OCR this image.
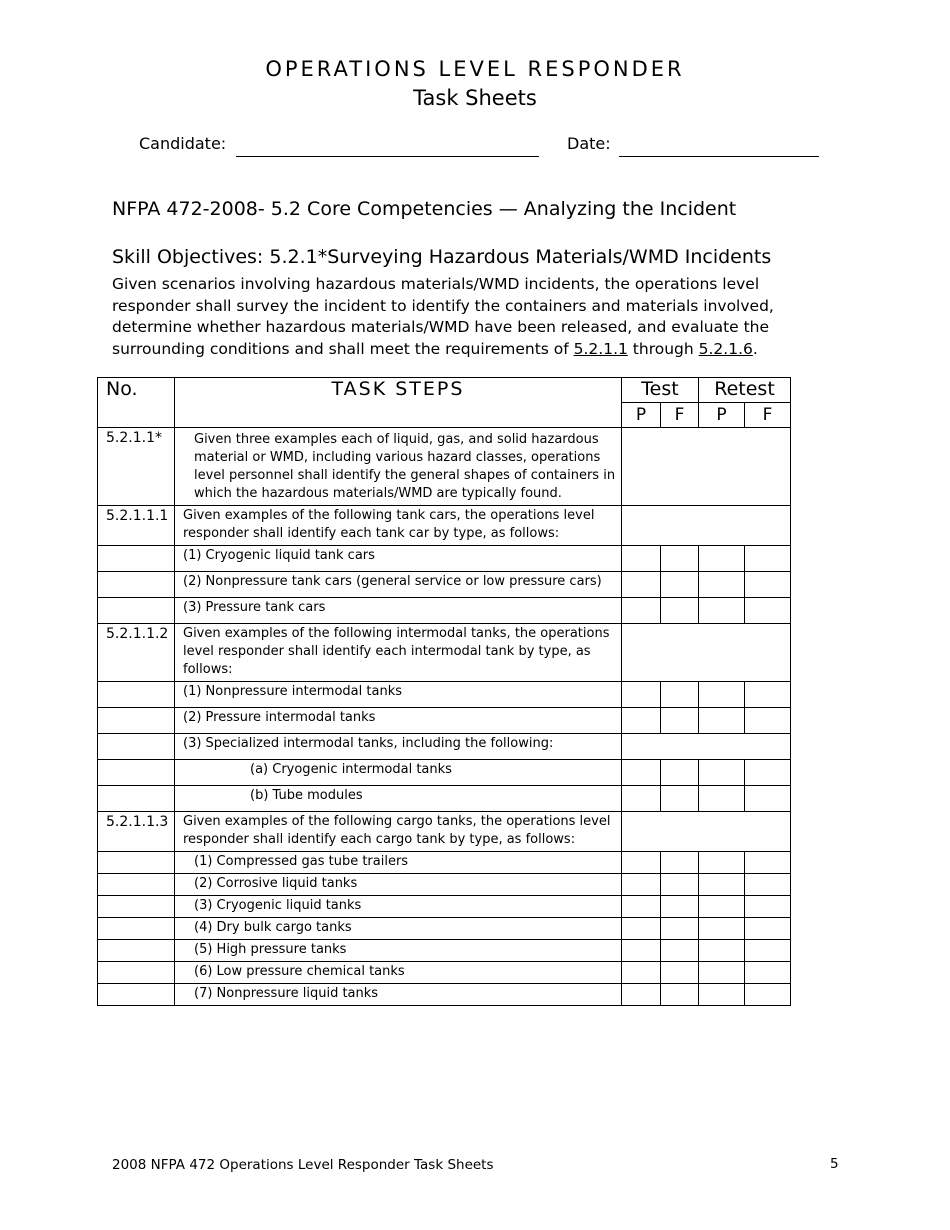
OPERATIONS LEVEL RESPONDER
Task Sheets
Candidate:	Date:
NFPA 472-2008- 5.2 Core Competencies — Analyzing the Incident
Skill Objectives: 5.2.1*Surveying Hazardous Materials/WMD Incidents
Given scenarios involving hazardous materials/WMD incidents, the operations level responder shall survey the incident to identify the containers and materials involved, determine whether hazardous materials/WMD have been released, and evaluate the surrounding conditions and shall meet the requirements of 5.2.1.1 through 5.2.1.6.
No.	TASK STEPS	Test		Retest	
		P	F	P	F
5.2.1.1*	Given three examples each of liquid, gas, and solid hazardous material or WMD, including various hazard classes, operations level personnel shall identify the general shapes of containers in which the hazardous materials/WMD are typically found.				
5.2.1.1.1	Given examples of the following tank cars, the operations level responder shall identify each tank car by type, as follows:				
	(1) Cryogenic liquid tank cars				
	(2) Nonpressure tank cars (general service or low pressure cars)				
	(3) Pressure tank cars				
5.2.1.1.2	Given examples of the following intermodal tanks, the operations level responder shall identify each intermodal tank by type, as follows:				
	(1) Nonpressure intermodal tanks				
	(2) Pressure intermodal tanks				
	(3) Specialized intermodal tanks, including the following:				
	(a) Cryogenic intermodal tanks				
	(b) Tube modules				
5.2.1.1.3	Given examples of the following cargo tanks, the operations level responder shall identify each cargo tank by type, as follows:				
	(1) Compressed gas tube trailers				
	(2) Corrosive liquid tanks				
	(3) Cryogenic liquid tanks				
	(4) Dry bulk cargo tanks				
	(5) High pressure tanks				
	(6) Low pressure chemical tanks				
	(7) Nonpressure liquid tanks				
2008 NFPA 472 Operations Level Responder Task Sheets	5
